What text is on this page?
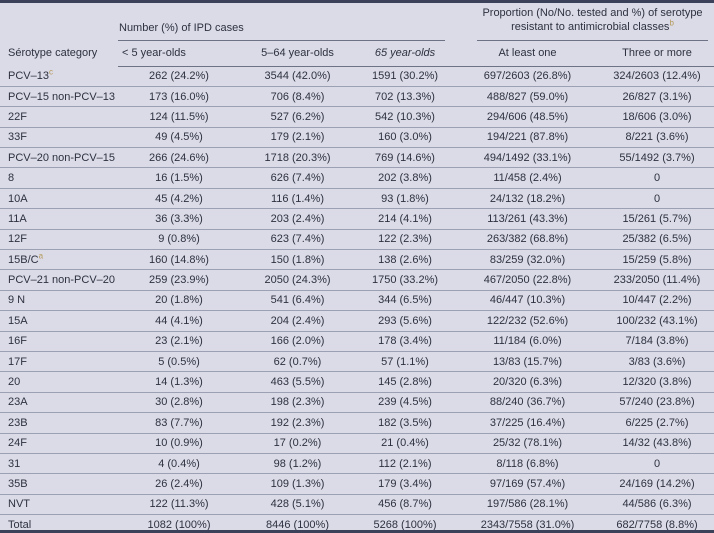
Sérotype category	Number (%) of IPD cases			Proportion (No/No. tested and %) of serotype resistant to antimicrobial classes$^b$

	< 5 year-olds	5–64 year-olds	65 year-olds	At least one	Three or more
PCV–13$^c$	262 (24.2%)	3544 (42.0%)	1591 (30.2%)	697/2603 (26.8%)	324/2603 (12.4%)
PCV–15 non-PCV–13	173 (16.0%)	706 (8.4%)	702 (13.3%)	488/827 (59.0%)	26/827 (3.1%)
22F	124 (11.5%)	527 (6.2%)	542 (10.3%)	294/606 (48.5%)	18/606 (3.0%)
33F	49 (4.5%)	179 (2.1%)	160 (3.0%)	194/221 (87.8%)	8/221 (3.6%)
PCV–20 non-PCV–15	266 (24.6%)	1718 (20.3%)	769 (14.6%)	494/1492 (33.1%)	55/1492 (3.7%)
8	16 (1.5%)	626 (7.4%)	202 (3.8%)	11/458 (2.4%)	0
10A	45 (4.2%)	116 (1.4%)	93 (1.8%)	24/132 (18.2%)	0
11A	36 (3.3%)	203 (2.4%)	214 (4.1%)	113/261 (43.3%)	15/261 (5.7%)
12F	9 (0.8%)	623 (7.4%)	122 (2.3%)	263/382 (68.8%)	25/382 (6.5%)
15B/C$^a$	160 (14.8%)	150 (1.8%)	138 (2.6%)	83/259 (32.0%)	15/259 (5.8%)
PCV–21 non-PCV–20	259 (23.9%)	2050 (24.3%)	1750 (33.2%)	467/2050 (22.8%)	233/2050 (11.4%)
9 N	20 (1.8%)	541 (6.4%)	344 (6.5%)	46/447 (10.3%)	10/447 (2.2%)
15A	44 (4.1%)	204 (2.4%)	293 (5.6%)	122/232 (52.6%)	100/232 (43.1%)
16F	23 (2.1%)	166 (2.0%)	178 (3.4%)	11/184 (6.0%)	7/184 (3.8%)
17F	5 (0.5%)	62 (0.7%)	57 (1.1%)	13/83 (15.7%)	3/83 (3.6%)
20	14 (1.3%)	463 (5.5%)	145 (2.8%)	20/320 (6.3%)	12/320 (3.8%)
23A	30 (2.8%)	198 (2.3%)	239 (4.5%)	88/240 (36.7%)	57/240 (23.8%)
23B	83 (7.7%)	192 (2.3%)	182 (3.5%)	37/225 (16.4%)	6/225 (2.7%)
24F	10 (0.9%)	17 (0.2%)	21 (0.4%)	25/32 (78.1%)	14/32 (43.8%)
31	4 (0.4%)	98 (1.2%)	112 (2.1%)	8/118 (6.8%)	0
35B	26 (2.4%)	109 (1.3%)	179 (3.4%)	97/169 (57.4%)	24/169 (14.2%)
NVT	122 (11.3%)	428 (5.1%)	456 (8.7%)	197/586 (28.1%)	44/586 (6.3%)
Total	1082 (100%)	8446 (100%)	5268 (100%)	2343/7558 (31.0%)	682/7758 (8.8%)
